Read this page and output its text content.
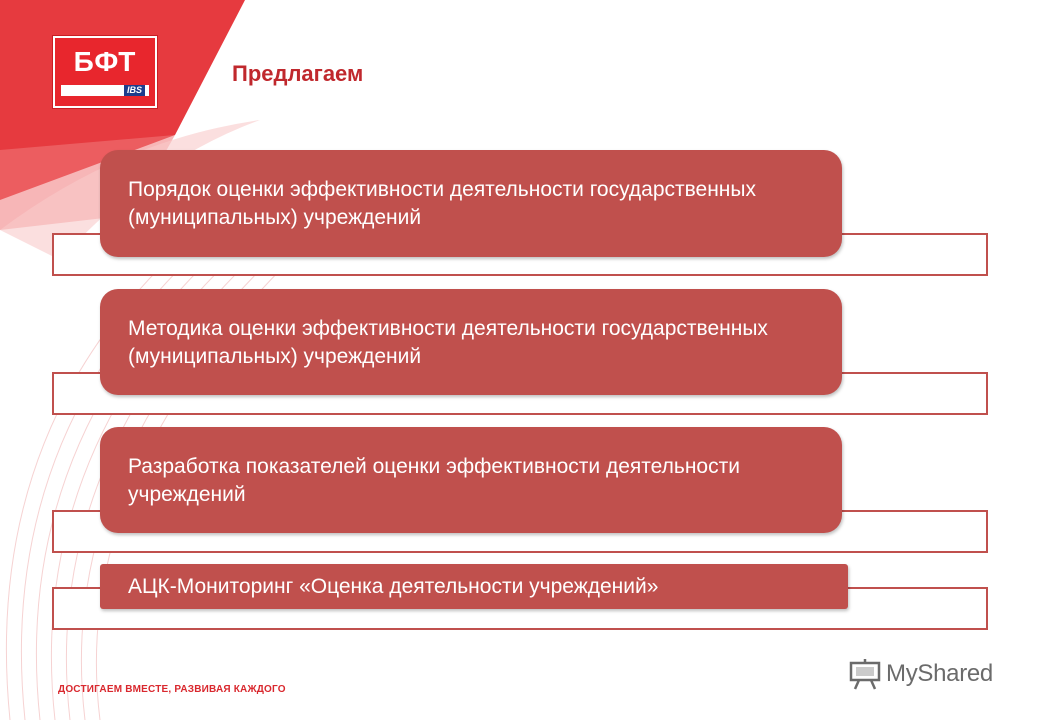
БФТ
IBS
Предлагаем
Порядок оценки эффективности деятельности государственных (муниципальных) учреждений
Методика оценки эффективности деятельности государственных (муниципальных) учреждений
Разработка показателей оценки эффективности деятельности учреждений
АЦК-Мониторинг «Оценка деятельности учреждений»
MyShared
ДОСТИГАЕМ ВМЕСТЕ, РАЗВИВАЯ КАЖДОГО
